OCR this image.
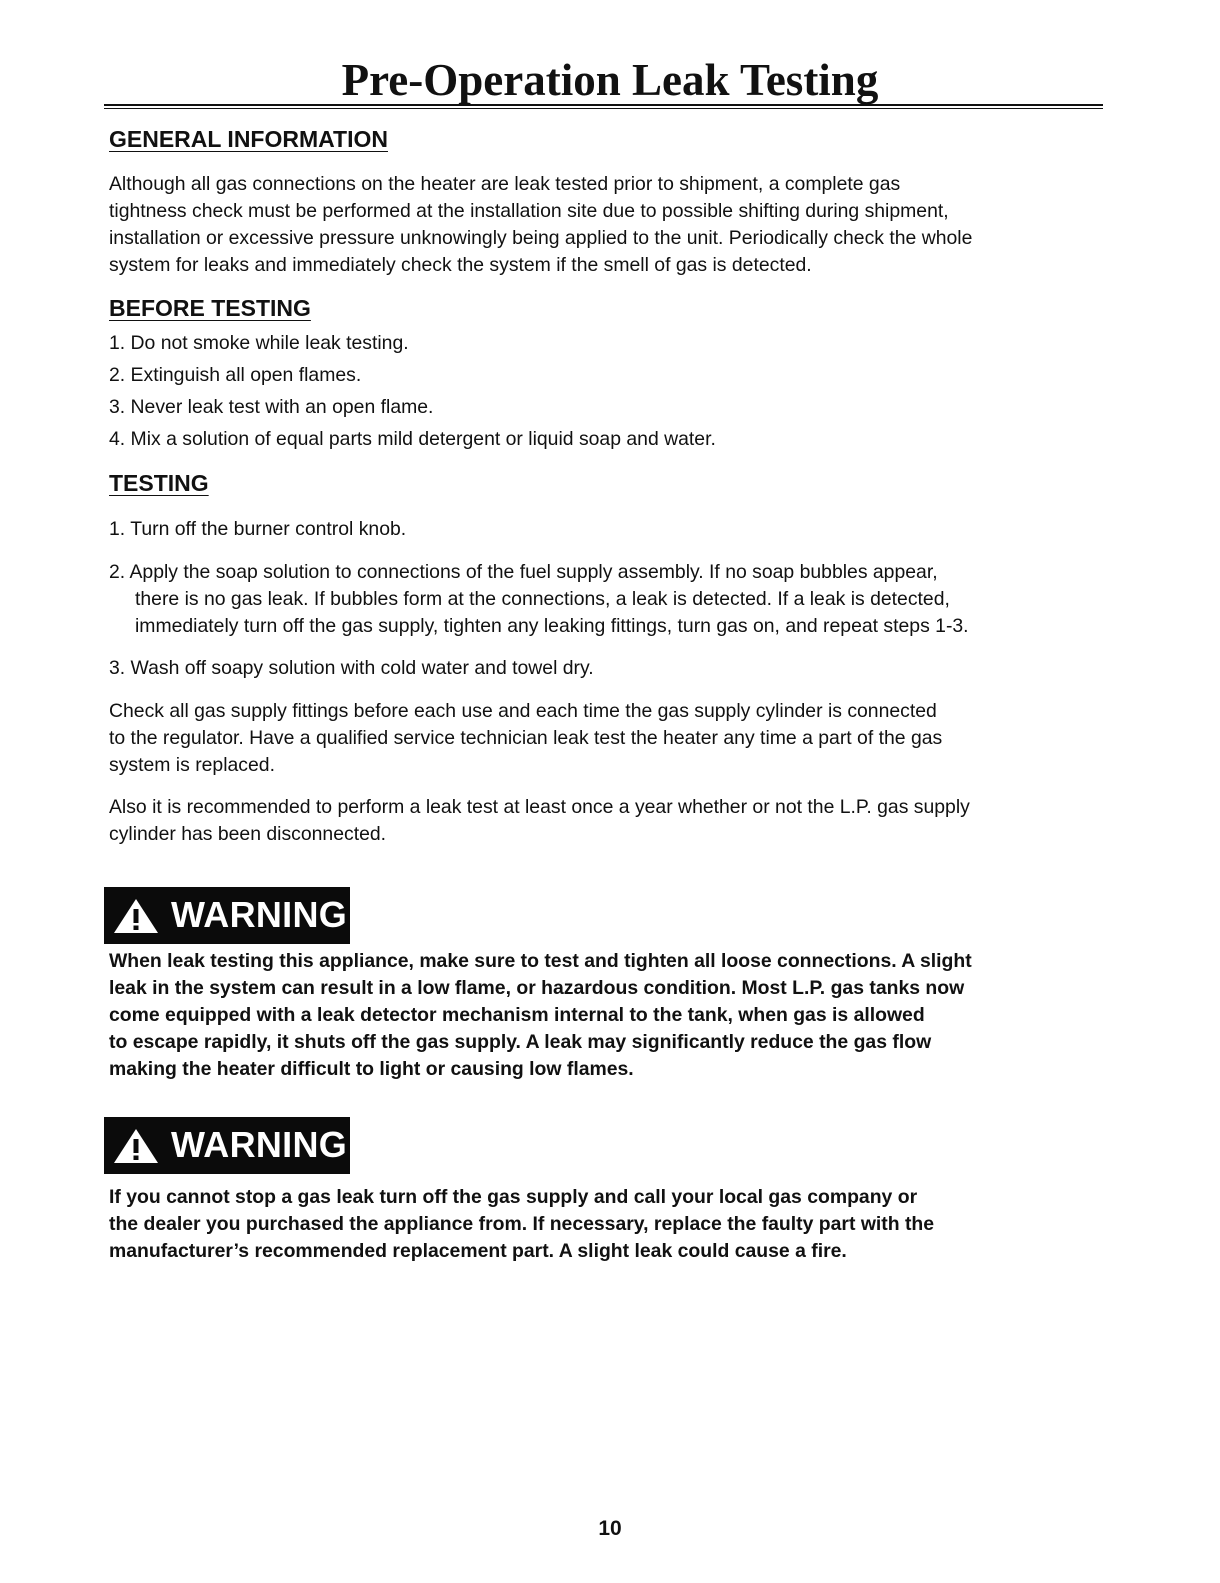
Pre-Operation Leak Testing
GENERAL INFORMATION
Although all gas connections on the heater are leak tested prior to shipment, a complete gas
tightness check must be performed at the installation site due to possible shifting during shipment,
installation or excessive pressure unknowingly being applied to the unit. Periodically check the whole
system for leaks and immediately check the system if the smell of gas is detected.
BEFORE TESTING
1. Do not smoke while leak testing.
2. Extinguish all open flames.
3. Never leak test with an open flame.
4. Mix a solution of equal parts mild detergent or liquid soap and water.
TESTING
1. Turn off the burner control knob.
2. Apply the soap solution to connections of the fuel supply assembly. If no soap bubbles appear,
there is no gas leak. If bubbles form at the connections, a leak is detected. If a leak is detected,
immediately turn off the gas supply, tighten any leaking fittings, turn gas on, and repeat steps 1-3.
3. Wash off soapy solution with cold water and towel dry.
Check all gas supply fittings before each use and each time the gas supply cylinder is connected
to the regulator. Have a qualified service technician leak test the heater any time a part of the gas
system is replaced.
Also it is recommended to perform a leak test at least once a year whether or not the L.P. gas supply
cylinder has been disconnected.
WARNING
When leak testing this appliance, make sure to test and tighten all loose connections. A slight
leak in the system can result in a low flame, or hazardous condition. Most L.P. gas tanks now
come equipped with a leak detector mechanism internal to the tank, when gas is allowed
to escape rapidly, it shuts off the gas supply. A leak may significantly reduce the gas flow
making the heater difficult to light or causing low flames.
WARNING
If you cannot stop a gas leak turn off the gas supply and call your local gas company or
the dealer you purchased the appliance from. If necessary, replace the faulty part with the
manufacturer’s recommended replacement part. A slight leak could cause a fire.
10
